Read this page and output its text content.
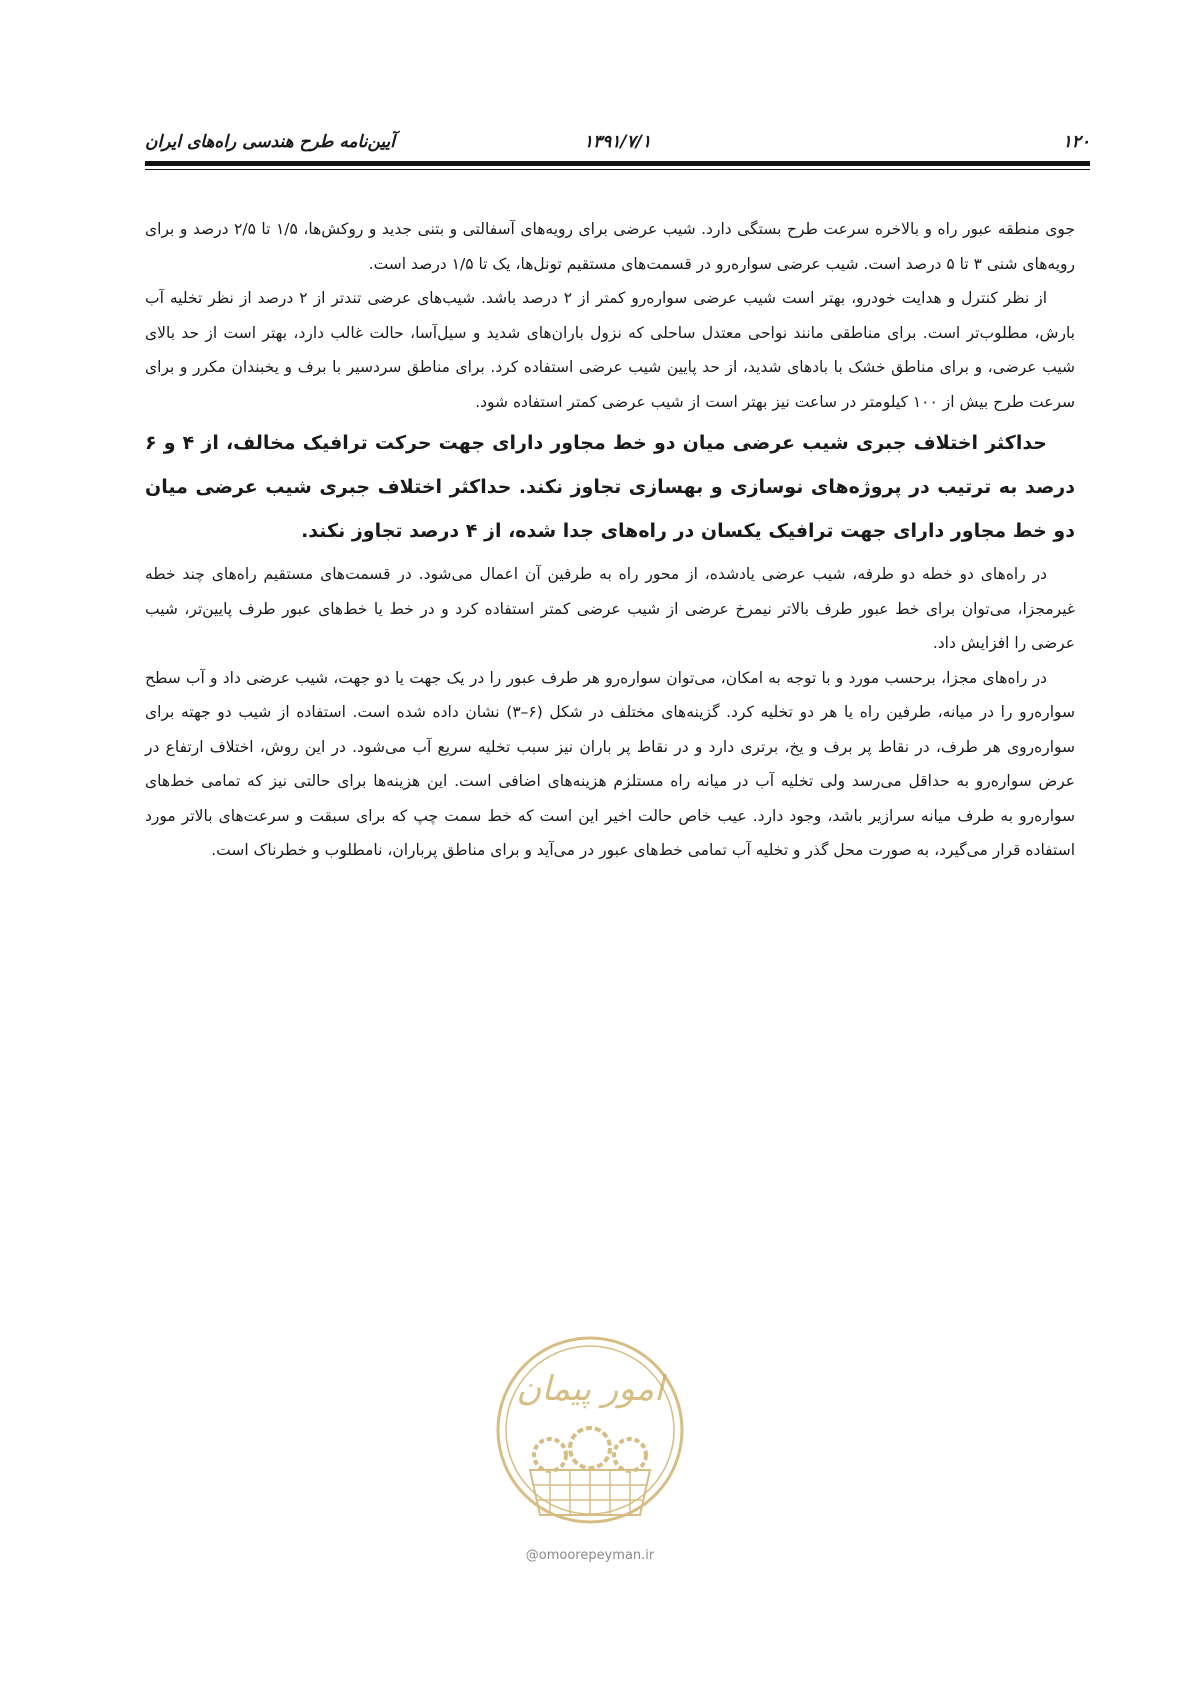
۱۲۰
۱۳۹۱/۷/۱
آیین‌نامه طرح هندسی راه‌های ایران

جوی منطقه عبور راه و بالاخره سرعت طرح بستگی دارد. شیب عرضی برای رویه‌های آسفالتی و بتنی جدید و روکش‌ها، ۱/۵ تا ۲/۵ درصد و برای رویه‌های شنی ۳ تا ۵ درصد است. شیب عرضی سواره‌رو در قسمت‌های مستقیم تونل‌ها، یک تا ۱/۵ درصد است.

از نظر کنترل و هدایت خودرو، بهتر است شیب عرضی سواره‌رو کمتر از ۲ درصد باشد. شیب‌های عرضی تندتر از ۲ درصد از نظر تخلیه آب بارش، مطلوب‌تر است. برای مناطقی مانند نواحی معتدل ساحلی که نزول باران‌های شدید و سیل‌آسا، حالت غالب دارد، بهتر است از حد بالای شیب عرضی، و برای مناطق خشک با بادهای شدید، از حد پایین شیب عرضی استفاده کرد. برای مناطق سردسیر با برف و یخبندان مکرر و برای سرعت طرح بیش از ۱۰۰ کیلومتر در ساعت نیز بهتر است از شیب عرضی کمتر استفاده شود.

حداکثر اختلاف جبری شیب عرضی میان دو خط مجاور دارای جهت حرکت ترافیک مخالف، از ۴ و ۶ درصد به ترتیب در پروژه‌های نوسازی و بهسازی تجاوز نکند. حداکثر اختلاف جبری شیب عرضی میان دو خط مجاور دارای جهت ترافیک یکسان در راه‌های جدا شده، از ۴ درصد تجاوز نکند.

در راه‌های دو خطه دو طرفه، شیب عرضی یادشده، از محور راه به طرفین آن اعمال می‌شود. در قسمت‌های مستقیم راه‌های چند خطه غیرمجزا، می‌توان برای خط عبور طرف بالاتر نیمرخ عرضی از شیب عرضی کمتر استفاده کرد و در خط یا خط‌های عبور طرف پایین‌تر، شیب عرضی را افزایش داد.

در راه‌های مجزا، برحسب مورد و با توجه به امکان، می‌توان سواره‌رو هر طرف عبور را در یک جهت یا دو جهت، شیب عرضی داد و آب سطح سواره‌رو را در میانه، طرفین راه یا هر دو تخلیه کرد. گزینه‌های مختلف در شکل (۶–۳) نشان داده شده است. استفاده از شیب دو جهته برای سواره‌روی هر طرف، در نقاط پر برف و یخ، برتری دارد و در نقاط پر باران نیز سبب تخلیه سریع آب می‌شود. در این روش، اختلاف ارتفاع در عرض سواره‌رو به حداقل می‌رسد ولی تخلیه آب در میانه راه مستلزم هزینه‌های اضافی است. این هزینه‌ها برای حالتی نیز که تمامی خط‌های سواره‌رو به طرف میانه سرازیر باشد، وجود دارد. عیب خاص حالت اخیر این است که خط سمت چپ که برای سبقت و سرعت‌های بالاتر مورد استفاده قرار می‌گیرد، به صورت محل گذر و تخلیه آب تمامی خط‌های عبور در می‌آید و برای مناطق پرباران، نامطلوب و خطرناک است.

امور پیمان
@omoorepeyman.ir
